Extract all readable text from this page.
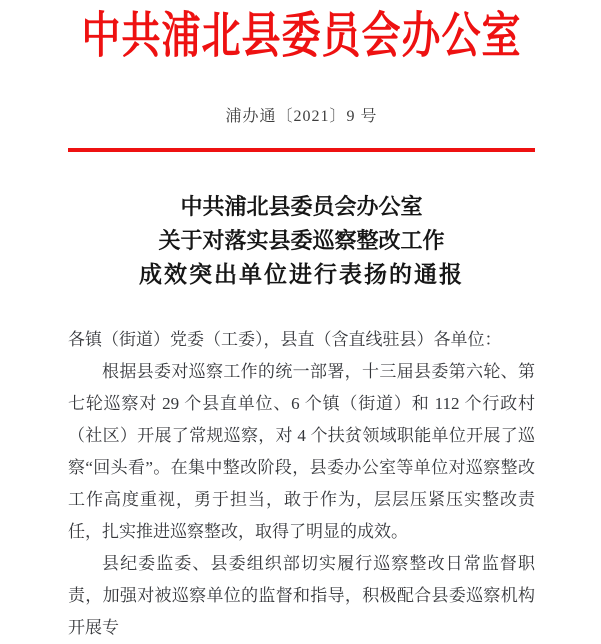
中共浦北县委员会办公室
浦办通〔2021〕9 号
中共浦北县委员会办公室
关于对落实县委巡察整改工作
成效突出单位进行表扬的通报

各镇（街道）党委（工委），县直（含直线驻县）各单位：

根据县委对巡察工作的统一部署，十三届县委第六轮、第七轮巡察对 29 个县直单位、6 个镇（街道）和 112 个行政村（社区）开展了常规巡察，对 4 个扶贫领域职能单位开展了巡察“回头看”。在集中整改阶段，县委办公室等单位对巡察整改工作高度重视，勇于担当，敢于作为，层层压紧压实整改责任，扎实推进巡察整改，取得了明显的成效。

县纪委监委、县委组织部切实履行巡察整改日常监督职责，加强对被巡察单位的监督和指导，积极配合县委巡察机构开展专
